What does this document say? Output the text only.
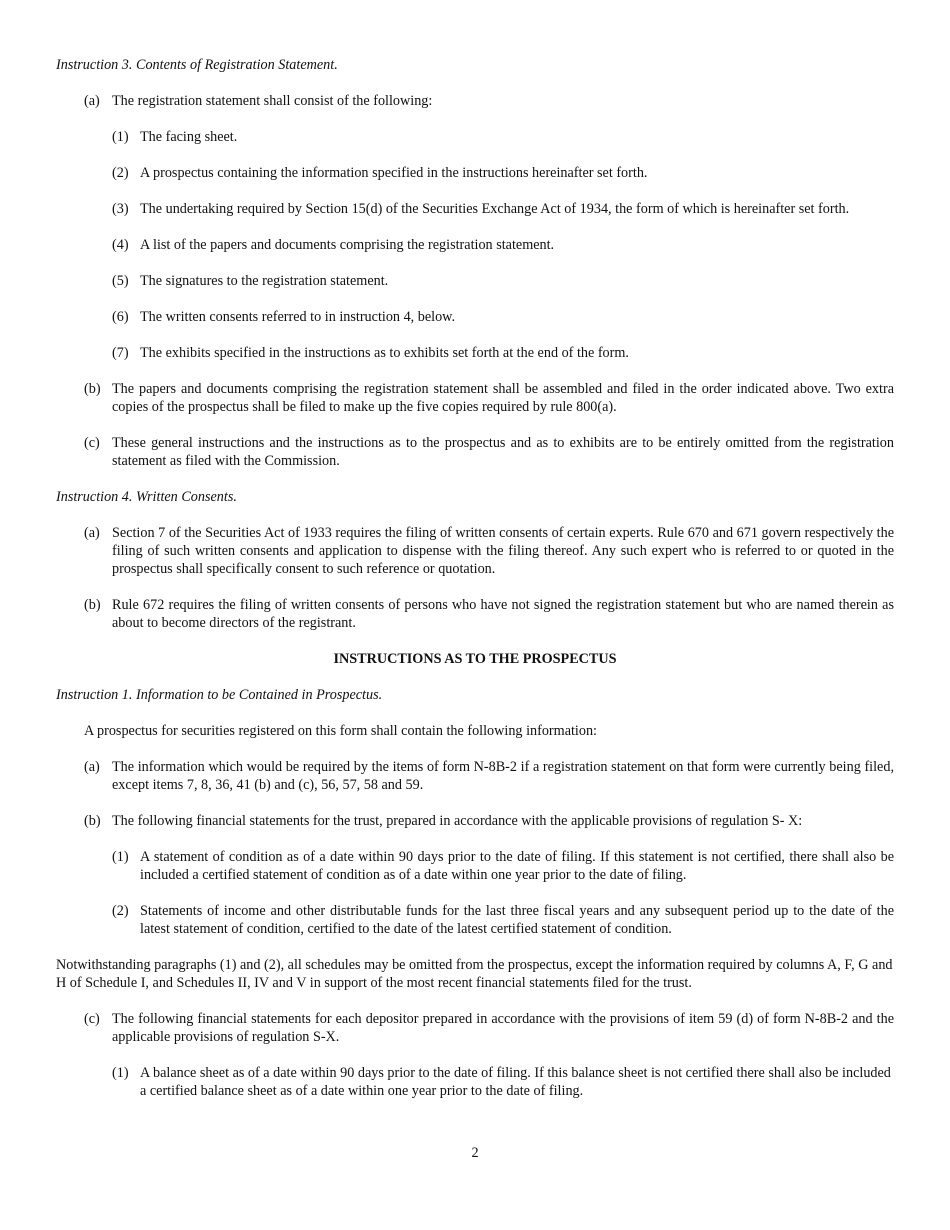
Instruction 3. Contents of Registration Statement.

(a) The registration statement shall consist of the following:
(1) The facing sheet.
(2) A prospectus containing the information specified in the instructions hereinafter set forth.
(3) The undertaking required by Section 15(d) of the Securities Exchange Act of 1934, the form of which is hereinafter set forth.
(4) A list of the papers and documents comprising the registration statement.
(5) The signatures to the registration statement.
(6) The written consents referred to in instruction 4, below.
(7) The exhibits specified in the instructions as to exhibits set forth at the end of the form.
(b) The papers and documents comprising the registration statement shall be assembled and filed in the order indicated above. Two extra copies of the prospectus shall be filed to make up the five copies required by rule 800(a).
(c) These general instructions and the instructions as to the prospectus and as to exhibits are to be entirely omitted from the registration statement as filed with the Commission.

Instruction 4. Written Consents.

(a) Section 7 of the Securities Act of 1933 requires the filing of written consents of certain experts. Rule 670 and 671 govern respectively the filing of such written consents and application to dispense with the filing thereof. Any such expert who is referred to or quoted in the prospectus shall specifically consent to such reference or quotation.
(b) Rule 672 requires the filing of written consents of persons who have not signed the registration statement but who are named therein as about to become directors of the registrant.

INSTRUCTIONS AS TO THE PROSPECTUS

Instruction 1. Information to be Contained in Prospectus.

A prospectus for securities registered on this form shall contain the following information:

(a) The information which would be required by the items of form N-8B-2 if a registration statement on that form were currently being filed, except items 7, 8, 36, 41 (b) and (c), 56, 57, 58 and 59.
(b) The following financial statements for the trust, prepared in accordance with the applicable provisions of regulation S- X:
(1) A statement of condition as of a date within 90 days prior to the date of filing. If this statement is not certified, there shall also be included a certified statement of condition as of a date within one year prior to the date of filing.
(2) Statements of income and other distributable funds for the last three fiscal years and any subsequent period up to the date of the latest statement of condition, certified to the date of the latest certified statement of condition.

Notwithstanding paragraphs (1) and (2), all schedules may be omitted from the prospectus, except the information required by columns A, F, G and H of Schedule I, and Schedules II, IV and V in support of the most recent financial statements filed for the trust.

(c) The following financial statements for each depositor prepared in accordance with the provisions of item 59 (d) of form N-8B-2 and the applicable provisions of regulation S-X.
(1) A balance sheet as of a date within 90 days prior to the date of filing. If this balance sheet is not certified there shall also be included a certified balance sheet as of a date within one year prior to the date of filing.
2
